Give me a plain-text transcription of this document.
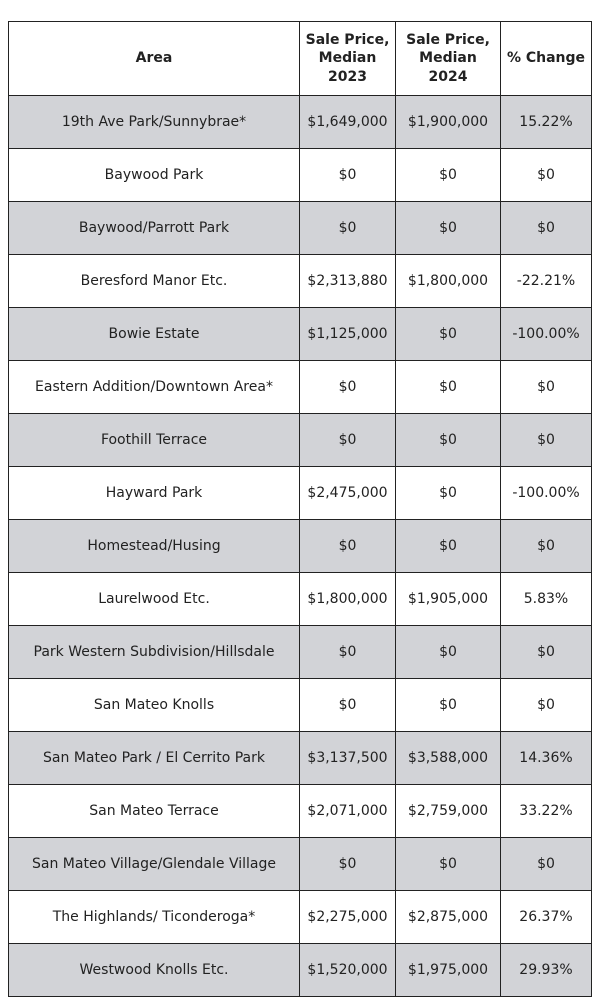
Area	Sale Price, Median 2023	Sale Price, Median 2024	% Change
19th Ave Park/Sunnybrae*	$1,649,000	$1,900,000	15.22%
Baywood Park	$0	$0	$0
Baywood/Parrott Park	$0	$0	$0
Beresford Manor Etc.	$2,313,880	$1,800,000	-22.21%
Bowie Estate	$1,125,000	$0	-100.00%
Eastern Addition/Downtown Area*	$0	$0	$0
Foothill Terrace	$0	$0	$0
Hayward Park	$2,475,000	$0	-100.00%
Homestead/Husing	$0	$0	$0
Laurelwood Etc.	$1,800,000	$1,905,000	5.83%
Park Western Subdivision/Hillsdale	$0	$0	$0
San Mateo Knolls	$0	$0	$0
San Mateo Park / El Cerrito Park	$3,137,500	$3,588,000	14.36%
San Mateo Terrace	$2,071,000	$2,759,000	33.22%
San Mateo Village/Glendale Village	$0	$0	$0
The Highlands/ Ticonderoga*	$2,275,000	$2,875,000	26.37%
Westwood Knolls Etc.	$1,520,000	$1,975,000	29.93%
